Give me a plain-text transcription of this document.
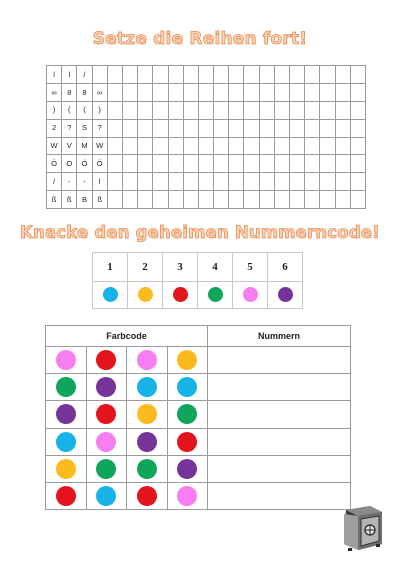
Setze die Reihen fort!
l	l	/																		
∞	8	8	∞																	
)	(	(	)																	
2	?	S	?																	
W	V	M	W																	
Ö	O	Ó	Ö																	
/	-	-	l																	
ß	ß	B	ß																	
Knacke den geheimen Nummerncode!
1	2	3	4	5	6

Farbcode				Nummern
